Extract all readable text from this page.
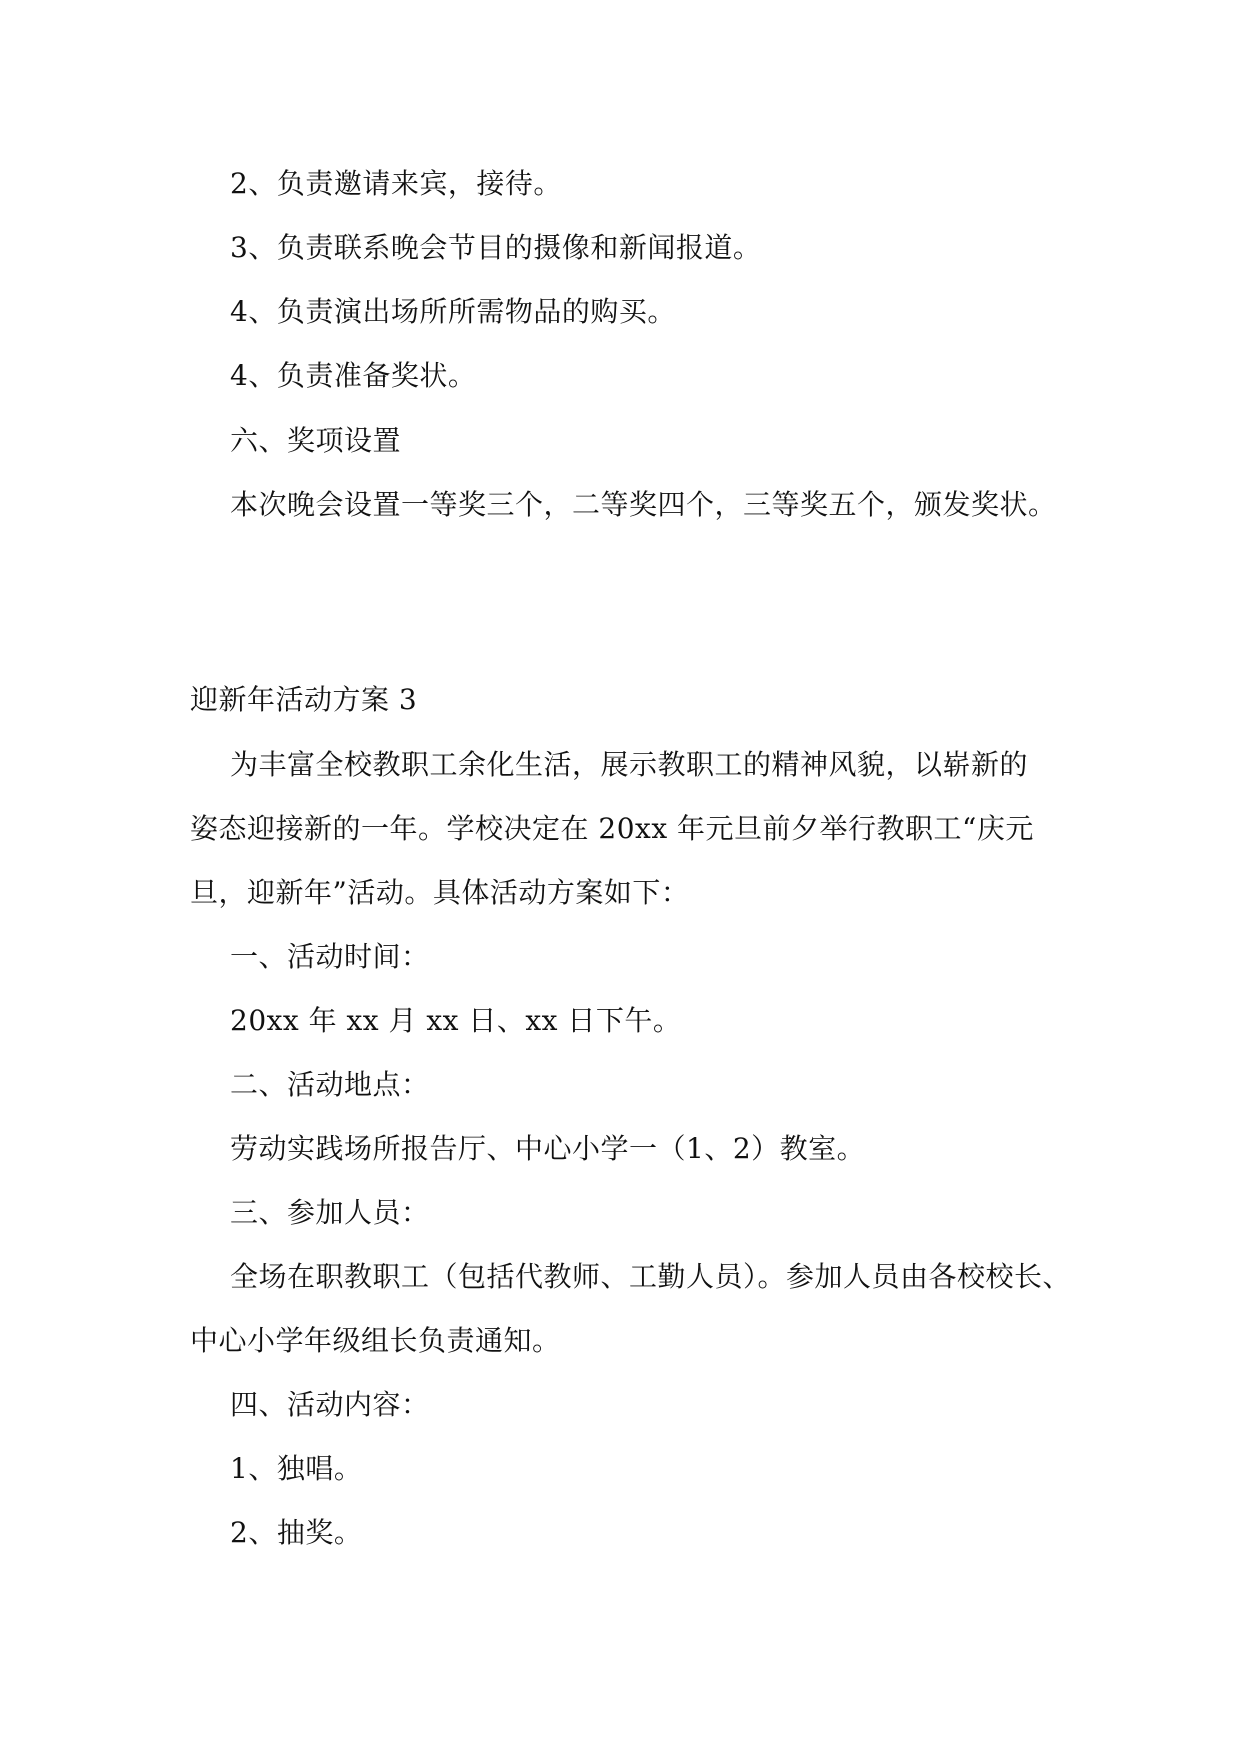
2、负责邀请来宾，接待。
3、负责联系晚会节目的摄像和新闻报道。
4、负责演出场所所需物品的购买。
4、负责准备奖状。
六、奖项设置
本次晚会设置一等奖三个，二等奖四个，三等奖五个，颁发奖状。
迎新年活动方案 3
为丰富全校教职工余化生活，展示教职工的精神风貌，以崭新的
姿态迎接新的一年。学校决定在 20xx 年元旦前夕举行教职工“庆元
旦，迎新年”活动。具体活动方案如下：
一、活动时间：
20xx 年 xx 月 xx 日、xx 日下午。
二、活动地点：
劳动实践场所报告厅、中心小学一（1、2）教室。
三、参加人员：
全场在职教职工（包括代教师、工勤人员）。参加人员由各校校长、
中心小学年级组长负责通知。
四、活动内容：
1、独唱。
2、抽奖。
